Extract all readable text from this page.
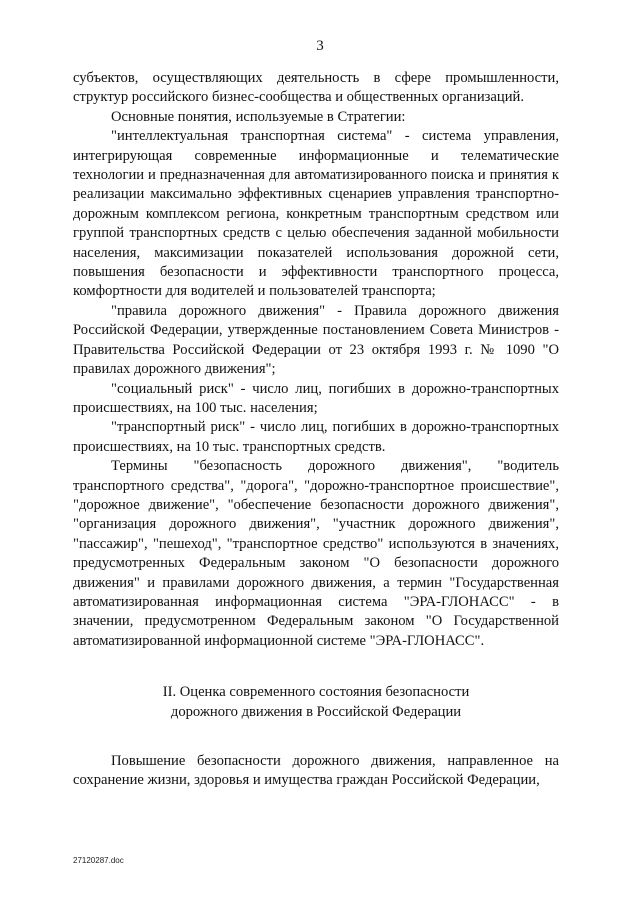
3

субъектов, осуществляющих деятельность в сфере промышленности, структур российского бизнес-сообщества и общественных организаций.

Основные понятия, используемые в Стратегии:

"интеллектуальная транспортная система" - система управления, интегрирующая современные информационные и телематические технологии и предназначенная для автоматизированного поиска и принятия к реализации максимально эффективных сценариев управления транспортно-дорожным комплексом региона, конкретным транспортным средством или группой транспортных средств с целью обеспечения заданной мобильности населения, максимизации показателей использования дорожной сети, повышения безопасности и эффективности транспортного процесса, комфортности для водителей и пользователей транспорта;

"правила дорожного движения" - Правила дорожного движения Российской Федерации, утвержденные постановлением Совета Министров - Правительства Российской Федерации от 23 октября 1993 г. № 1090 "О правилах дорожного движения";

"социальный риск" - число лиц, погибших в дорожно-транспортных происшествиях, на 100 тыс. населения;

"транспортный риск" - число лиц, погибших в дорожно-транспортных происшествиях, на 10 тыс. транспортных средств.

Термины "безопасность дорожного движения", "водитель транспортного средства", "дорога", "дорожно-транспортное происшествие", "дорожное движение", "обеспечение безопасности дорожного движения", "организация дорожного движения", "участник дорожного движения", "пассажир", "пешеход", "транспортное средство" используются в значениях, предусмотренных Федеральным законом "О безопасности дорожного движения" и правилами дорожного движения, а термин "Государственная автоматизированная информационная система "ЭРА-ГЛОНАСС" - в значении, предусмотренном Федеральным законом "О Государственной автоматизированной информационной системе "ЭРА-ГЛОНАСС".

II. Оценка современного состояния безопасности
дорожного движения в Российской Федерации

Повышение безопасности дорожного движения, направленное на сохранение жизни, здоровья и имущества граждан Российской Федерации,

27120287.doc
